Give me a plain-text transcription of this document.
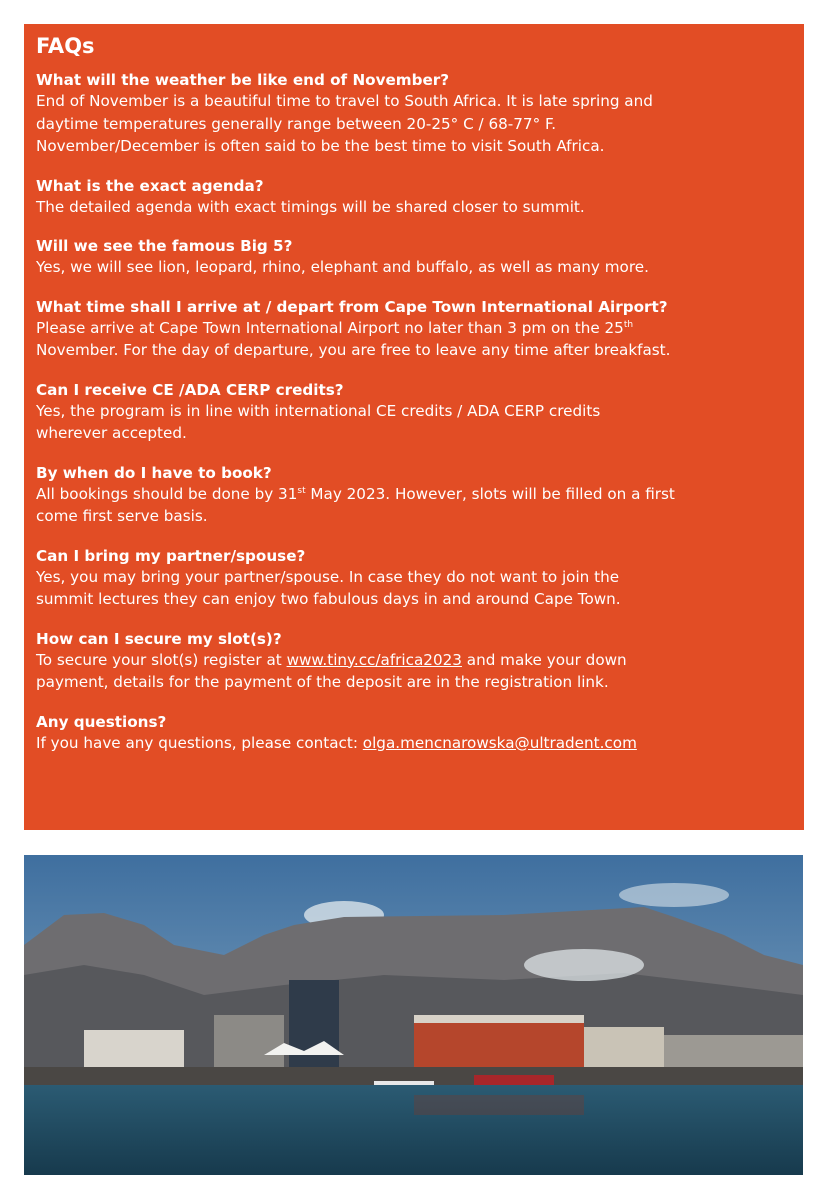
FAQs

What will the weather be like end of November?

End of November is a beautiful time to travel to South Africa. It is late spring and
daytime temperatures generally range between 20-25° C / 68-77° F.
November/December is often said to be the best time to visit South Africa.

What is the exact agenda?

The detailed agenda with exact timings will be shared closer to summit.

Will we see the famous Big 5?

Yes, we will see lion, leopard, rhino, elephant and buffalo, as well as many more.

What time shall I arrive at / depart from Cape Town International Airport?

Please arrive at Cape Town International Airport no later than 3 pm on the 25th
November. For the day of departure, you are free to leave any time after breakfast.

Can I receive CE /ADA CERP credits?

Yes, the program is in line with international CE credits / ADA CERP credits
wherever accepted.

By when do I have to book?

All bookings should be done by 31st May 2023. However, slots will be filled on a first
come first serve basis.

Can I bring my partner/spouse?

Yes, you may bring your partner/spouse. In case they do not want to join the
summit lectures they can enjoy two fabulous days in and around Cape Town.

How can I secure my slot(s)?

To secure your slot(s) register at www.tiny.cc/africa2023 and make your down
payment, details for the payment of the deposit are in the registration link.

Any questions?

If you have any questions, please contact: olga.mencnarowska@ultradent.com
